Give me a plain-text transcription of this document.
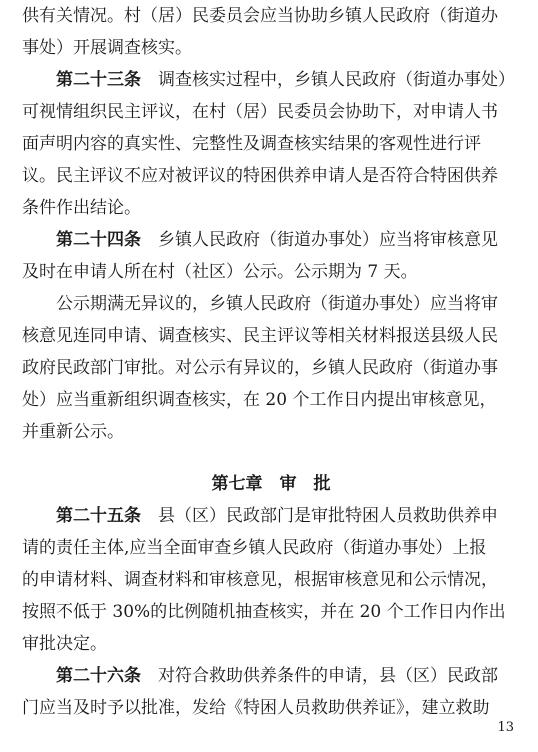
供有关情况。村（居）民委员会应当协助乡镇人民政府（街道办
事处）开展调查核实。
第二十三条　调查核实过程中，乡镇人民政府（街道办事处）
可视情组织民主评议，在村（居）民委员会协助下，对申请人书
面声明内容的真实性、完整性及调查核实结果的客观性进行评
议。民主评议不应对被评议的特困供养申请人是否符合特困供养
条件作出结论。
第二十四条　乡镇人民政府（街道办事处）应当将审核意见
及时在申请人所在村（社区）公示。公示期为 7 天。
公示期满无异议的，乡镇人民政府（街道办事处）应当将审
核意见连同申请、调查核实、民主评议等相关材料报送县级人民
政府民政部门审批。对公示有异议的，乡镇人民政府（街道办事
处）应当重新组织调查核实，在 20 个工作日内提出审核意见，
并重新公示。
第七章　审　批
第二十五条　县（区）民政部门是审批特困人员救助供养申
请的责任主体,应当全面审查乡镇人民政府（街道办事处）上报
的申请材料、调查材料和审核意见，根据审核意见和公示情况，
按照不低于 30%的比例随机抽查核实，并在 20 个工作日内作出
审批决定。
第二十六条　对符合救助供养条件的申请，县（区）民政部
门应当及时予以批准，发给《特困人员救助供养证》，建立救助
13
